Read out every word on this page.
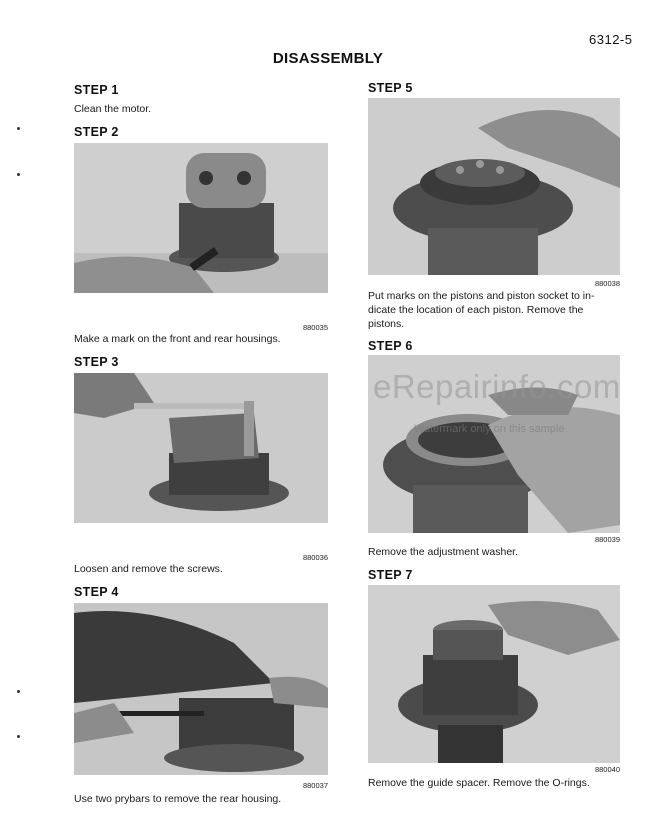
6312-5
DISASSEMBLY
STEP 1
Clean the motor.
STEP 2
880035
Make a mark on the front and rear housings.
STEP 3
880036
Loosen and remove the screws.
STEP 4
880037
Use two prybars to remove the rear housing.
STEP 5
880038
Put marks on the pistons and piston socket to in-
dicate the location of each piston. Remove the
pistons.
STEP 6
880039
Remove the adjustment washer.
STEP 7
880040
Remove the guide spacer. Remove the O-rings.
eRepairinfo.com
Watermark only on this sample
